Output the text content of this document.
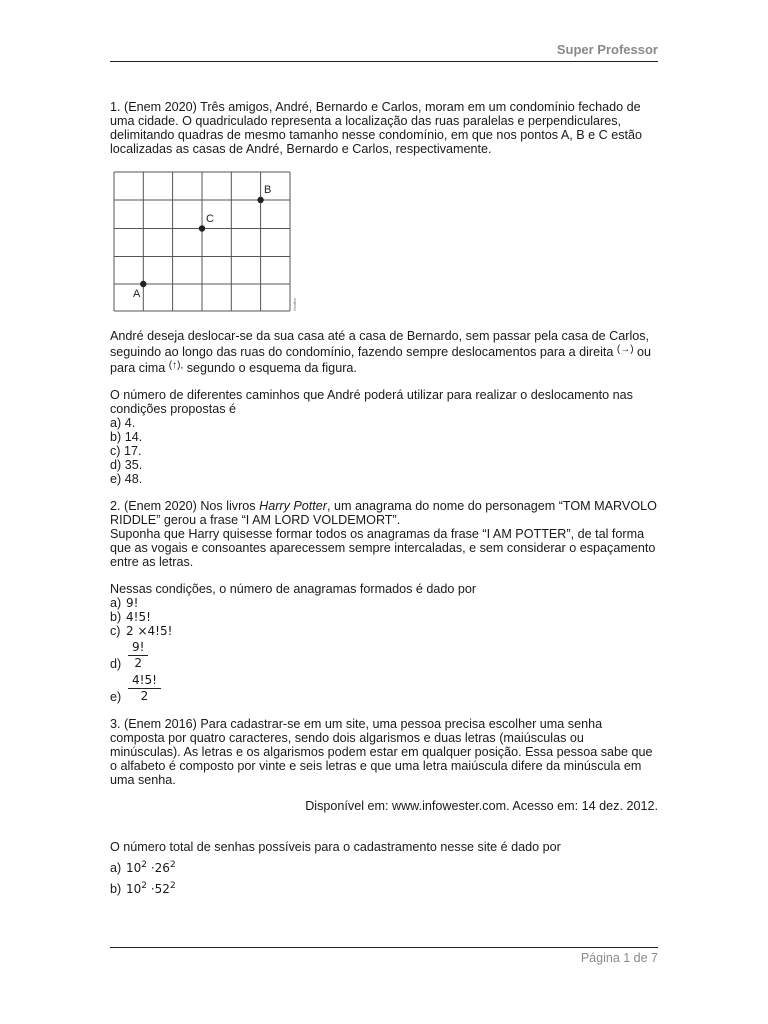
Super Professor

1. (Enem 2020) Três amigos, André, Bernardo e Carlos, moram em um condomínio fechado de uma cidade. O quadriculado representa a localização das ruas paralelas e perpendiculares, delimitando quadras de mesmo tamanho nesse condomínio, em que nos pontos A, B e C estão localizadas as casas de André, Bernardo e Carlos, respectivamente.

A
B
C
Gráfico

André deseja deslocar-se da sua casa até a casa de Bernardo, sem passar pela casa de Carlos, seguindo ao longo das ruas do condomínio, fazendo sempre deslocamentos para a direita (→) ou para cima (↑), segundo o esquema da figura.

O número de diferentes caminhos que André poderá utilizar para realizar o deslocamento nas condições propostas é

a) 4.

b) 14.

c) 17.

d) 35.

e) 48.

2. (Enem 2020) Nos livros Harry Potter, um anagrama do nome do personagem “TOM MARVOLO RIDDLE” gerou a frase “I AM LORD VOLDEMORT”.

Suponha que Harry quisesse formar todos os anagramas da frase “I AM POTTER”, de tal forma que as vogais e consoantes aparecessem sempre intercaladas, e sem considerar o espaçamento entre as letras.

Nessas condições, o número de anagramas formados é dado por

a) 9!
b) 4!5!
c) 2 ×4!5!
$d) \frac{9!}{2}$
$e) \frac{4!5!}{2}$

3. (Enem 2016) Para cadastrar-se em um site, uma pessoa precisa escolher uma senha composta por quatro caracteres, sendo dois algarismos e duas letras (maiúsculas ou minúsculas). As letras e os algarismos podem estar em qualquer posição. Essa pessoa sabe que o alfabeto é composto por vinte e seis letras e que uma letra maiúscula difere da minúscula em uma senha.

Disponível em: www.infowester.com. Acesso em: 14 dez. 2012.

O número total de senhas possíveis para o cadastramento nesse site é dado por

a) $10^2 \cdot 26^2$
b) $10^2 \cdot 52^2$
Página 1 de 7
